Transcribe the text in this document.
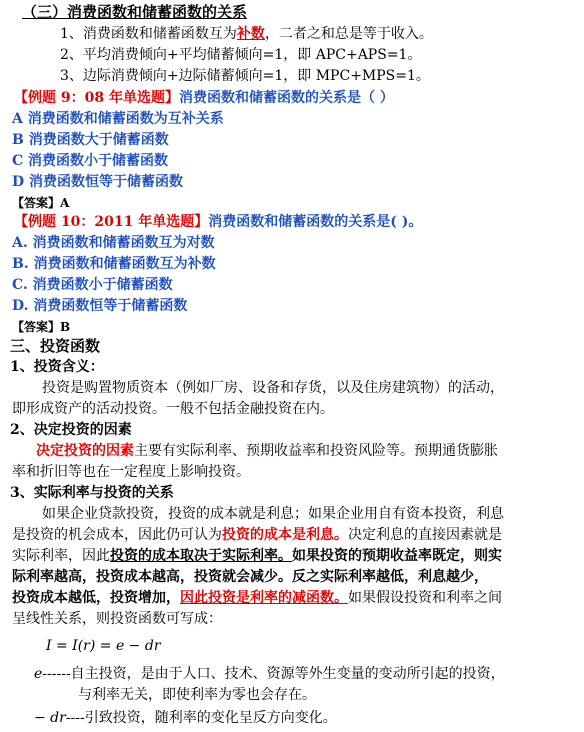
（三）消费函数和储蓄函数的关系
1、消费函数和储蓄函数互为补数，二者之和总是等于收入。
2、平均消费倾向+平均储蓄倾向=1，即 APC+APS=1。
3、边际消费倾向+边际储蓄倾向=1，即 MPC+MPS=1。
【例题 9：08 年单选题】消费函数和储蓄函数的关系是（ ）
A 消费函数和储蓄函数为互补关系
B 消费函数大于储蓄函数
C 消费函数小于储蓄函数
D 消费函数恒等于储蓄函数
【答案】A
【例题 10：2011 年单选题】消费函数和储蓄函数的关系是( )。
A. 消费函数和储蓄函数互为对数
B. 消费函数和储蓄函数互为补数
C. 消费函数小于储蓄函数
D. 消费函数恒等于储蓄函数
【答案】B
三、投资函数
1、投资含义：
投资是购置物质资本（例如厂房、设备和存货，以及住房建筑物）的活动，
即形成资产的活动投资。一般不包括金融投资在内。
2、决定投资的因素
决定投资的因素主要有实际利率、预期收益率和投资风险等。预期通货膨胀
率和折旧等也在一定程度上影响投资。
3、实际利率与投资的关系
如果企业贷款投资，投资的成本就是利息；如果企业用自有资本投资，利息
是投资的机会成本，因此仍可认为投资的成本是利息。决定利息的直接因素就是
实际利率，因此投资的成本取决于实际利率。如果投资的预期收益率既定，则实
际利率越高，投资成本越高，投资就会减少。反之实际利率越低，利息越少，
投资成本越低，投资增加，因此投资是利率的减函数。如果假设投资和利率之间
呈线性关系，则投资函数可写成：
I = I(r) = e − dr
e------自主投资，是由于人口、技术、资源等外生变量的变动所引起的投资，
与利率无关，即使利率为零也会存在。
− dr----引致投资，随利率的变化呈反方向变化。
